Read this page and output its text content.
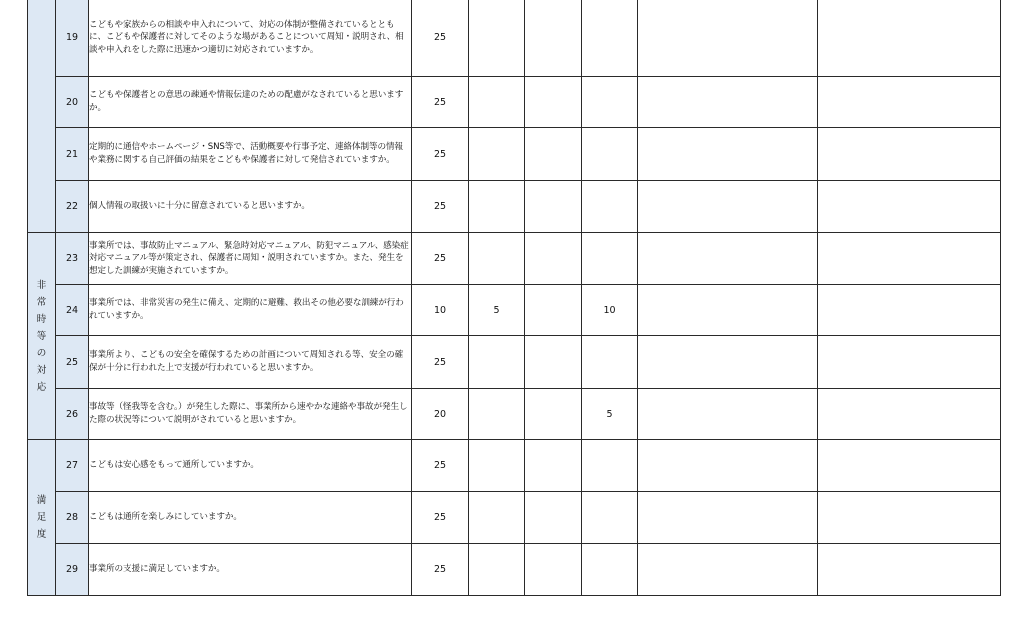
	19	こどもや家族からの相談や申入れについて、対応の体制が整備されているとともに、こどもや保護者に対してそのような場があることについて周知・説明され、相談や申入れをした際に迅速かつ適切に対応されていますか。	25					
	20	こどもや保護者との意思の疎通や情報伝達のための配慮がなされていると思いますか。	25					
	21	定期的に通信やホームページ・SNS等で、活動概要や行事予定、連絡体制等の情報や業務に関する自己評価の結果をこどもや保護者に対して発信されていますか。	25					
	22	個人情報の取扱いに十分に留意されていると思いますか。	25					
非常時等の対応	23	事業所では、事故防止マニュアル、緊急時対応マニュアル、防犯マニュアル、感染症対応マニュアル等が策定され、保護者に周知・説明されていますか。また、発生を想定した訓練が実施されていますか。	25					
	24	事業所では、非常災害の発生に備え、定期的に避難、救出その他必要な訓練が行われていますか。	10	5		10		
	25	事業所より、こどもの安全を確保するための計画について周知される等、安全の確保が十分に行われた上で支援が行われていると思いますか。	25					
	26	事故等（怪我等を含む。）が発生した際に、事業所から速やかな連絡や事故が発生した際の状況等について説明がされていると思いますか。	20			5		
満足度	27	こどもは安心感をもって通所していますか。	25					
	28	こどもは通所を楽しみにしていますか。	25					
	29	事業所の支援に満足していますか。	25					
